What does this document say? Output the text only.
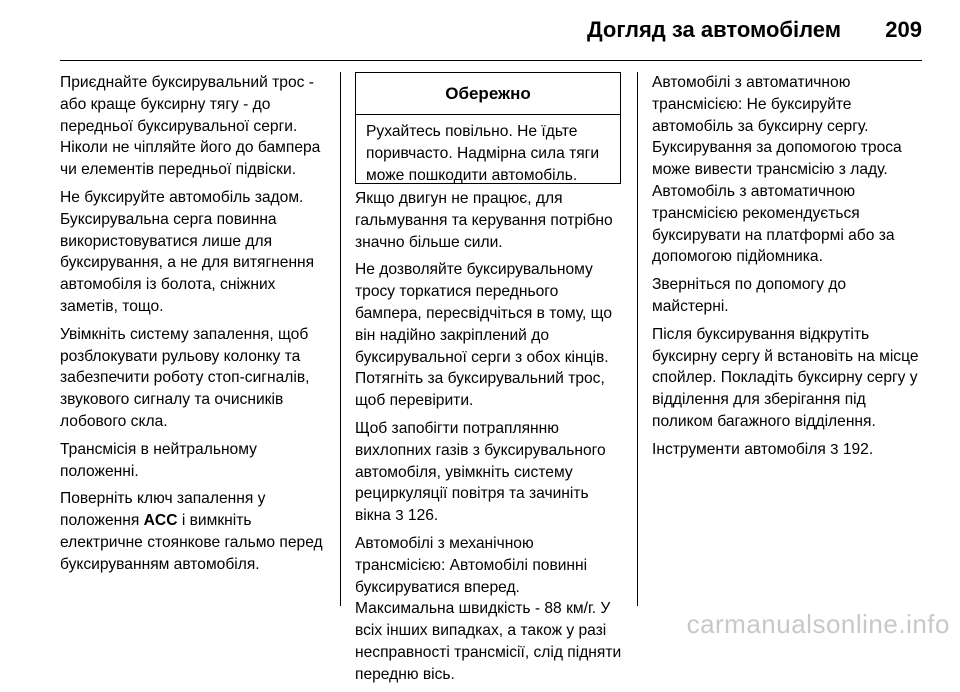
Догляд за автомобілем 209

Приєднайте буксирувальний трос - або краще буксирну тягу - до передньої буксирувальної серги. Ніколи не чіпляйте його до бампера чи елементів передньої підвіски.

Не буксируйте автомобіль задом. Буксирувальна серга повинна використовуватися лише для буксирування, а не для витягнення автомобіля із болота, сніжних заметів, тощо.

Увімкніть систему запалення, щоб розблокувати рульову колонку та забезпечити роботу стоп-сигналів, звукового сигналу та очисників лобового скла.

Трансмісія в нейтральному положенні.

Поверніть ключ запалення у положення ACC і вимкніть електричне стоянкове гальмо перед буксируванням автомобіля.

Обережно
Рухайтесь повільно. Не їдьте поривчасто. Надмірна сила тяги може пошкодити автомобіль.

Якщо двигун не працює, для гальмування та керування потрібно значно більше сили.

Не дозволяйте буксирувальному тросу торкатися переднього бампера, пересвідчіться в тому, що він надійно закріплений до буксирувальної серги з обох кінців. Потягніть за буксирувальний трос, щоб перевірити.

Щоб запобігти потраплянню вихлопних газів з буксирувального автомобіля, увімкніть систему рециркуляції повітря та зачиніть вікна 3 126.

Автомобілі з механічною трансмісією: Автомобілі повинні буксируватися вперед. Максимальна швидкість - 88 км/г. У всіх інших випадках, а також у разі несправності трансмісії, слід підняти передню вісь.

Автомобілі з автоматичною трансмісією: Не буксируйте автомобіль за буксирну сергу. Буксирування за допомогою троса може вивести трансмісію з ладу. Автомобіль з автоматичною трансмісією рекомендується буксирувати на платформі або за допомогою підйомника.

Зверніться по допомогу до майстерні.

Після буксирування відкрутіть буксирну сергу й встановіть на місце спойлер. Покладіть буксирну сергу у відділення для зберігання під поликом багажного відділення.

Інструменти автомобіля 3 192.

carmanualsonline.info
